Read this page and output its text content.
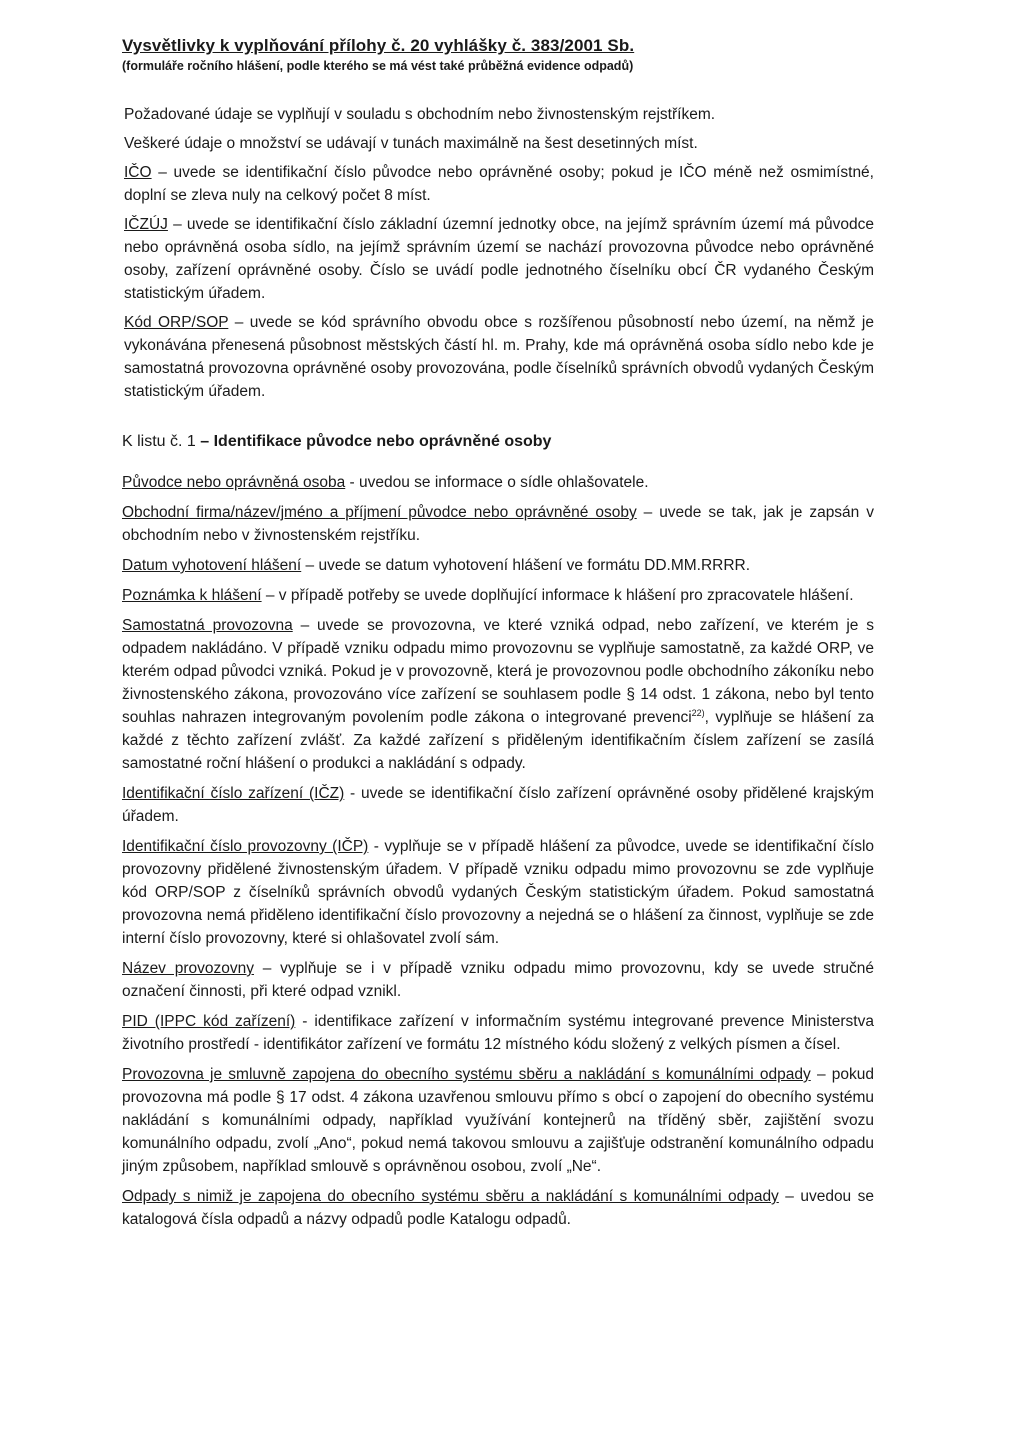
Vysvětlivky k vyplňování přílohy č. 20 vyhlášky č. 383/2001 Sb.
(formuláře ročního hlášení, podle kterého se má vést také průběžná evidence odpadů)

Požadované údaje se vyplňují v souladu s obchodním nebo živnostenským rejstříkem.

Veškeré údaje o množství se udávají v tunách maximálně na šest desetinných míst.

IČO – uvede se identifikační číslo původce nebo oprávněné osoby; pokud je IČO méně než osmimístné, doplní se zleva nuly na celkový počet 8 míst.

IČZÚJ – uvede se identifikační číslo základní územní jednotky obce, na jejímž správním území má původce nebo oprávněná osoba sídlo, na jejímž správním území se nachází provozovna původce nebo oprávněné osoby, zařízení oprávněné osoby. Číslo se uvádí podle jednotného číselníku obcí ČR vydaného Českým statistickým úřadem.

Kód ORP/SOP – uvede se kód správního obvodu obce s rozšířenou působností nebo území, na němž je vykonávána přenesená působnost městských částí hl. m. Prahy, kde má oprávněná osoba sídlo nebo kde je samostatná provozovna oprávněné osoby provozována, podle číselníků správních obvodů vydaných Českým statistickým úřadem.

K listu č. 1 – Identifikace původce nebo oprávněné osoby

Původce nebo oprávněná osoba - uvedou se informace o sídle ohlašovatele.

Obchodní firma/název/jméno a příjmení původce nebo oprávněné osoby – uvede se tak, jak je zapsán v obchodním nebo v živnostenském rejstříku.

Datum vyhotovení hlášení – uvede se datum vyhotovení hlášení ve formátu DD.MM.RRRR.

Poznámka k hlášení – v případě potřeby se uvede doplňující informace k hlášení pro zpracovatele hlášení.

Samostatná provozovna – uvede se provozovna, ve které vzniká odpad, nebo zařízení, ve kterém je s odpadem nakládáno. V případě vzniku odpadu mimo provozovnu se vyplňuje samostatně, za každé ORP, ve kterém odpad původci vzniká. Pokud je v provozovně, která je provozovnou podle obchodního zákoníku nebo živnostenského zákona, provozováno více zařízení se souhlasem podle § 14 odst. 1 zákona, nebo byl tento souhlas nahrazen integrovaným povolením podle zákona o integrované prevenci$^{22)}$, vyplňuje se hlášení za každé z těchto zařízení zvlášť. Za každé zařízení s přiděleným identifikačním číslem zařízení se zasílá samostatné roční hlášení o produkci a nakládání s odpady.

Identifikační číslo zařízení (IČZ) - uvede se identifikační číslo zařízení oprávněné osoby přidělené krajským úřadem.

Identifikační číslo provozovny (IČP) - vyplňuje se v případě hlášení za původce, uvede se identifikační číslo provozovny přidělené živnostenským úřadem. V případě vzniku odpadu mimo provozovnu se zde vyplňuje kód ORP/SOP z číselníků správních obvodů vydaných Českým statistickým úřadem. Pokud samostatná provozovna nemá přiděleno identifikační číslo provozovny a nejedná se o hlášení za činnost, vyplňuje se zde interní číslo provozovny, které si ohlašovatel zvolí sám.

Název provozovny – vyplňuje se i v případě vzniku odpadu mimo provozovnu, kdy se uvede stručné označení činnosti, při které odpad vznikl.

PID (IPPC kód zařízení) - identifikace zařízení v informačním systému integrované prevence Ministerstva životního prostředí - identifikátor zařízení ve formátu 12 místného kódu složený z velkých písmen a čísel.

Provozovna je smluvně zapojena do obecního systému sběru a nakládání s komunálními odpady – pokud provozovna má podle § 17 odst. 4 zákona uzavřenou smlouvu přímo s obcí o zapojení do obecního systému nakládání s komunálními odpady, například využívání kontejnerů na tříděný sběr, zajištění svozu komunálního odpadu, zvolí „Ano“, pokud nemá takovou smlouvu a zajišťuje odstranění komunálního odpadu jiným způsobem, například smlouvě s oprávněnou osobou, zvolí „Ne“.

Odpady s nimiž je zapojena do obecního systému sběru a nakládání s komunálními odpady – uvedou se katalogová čísla odpadů a názvy odpadů podle Katalogu odpadů.
